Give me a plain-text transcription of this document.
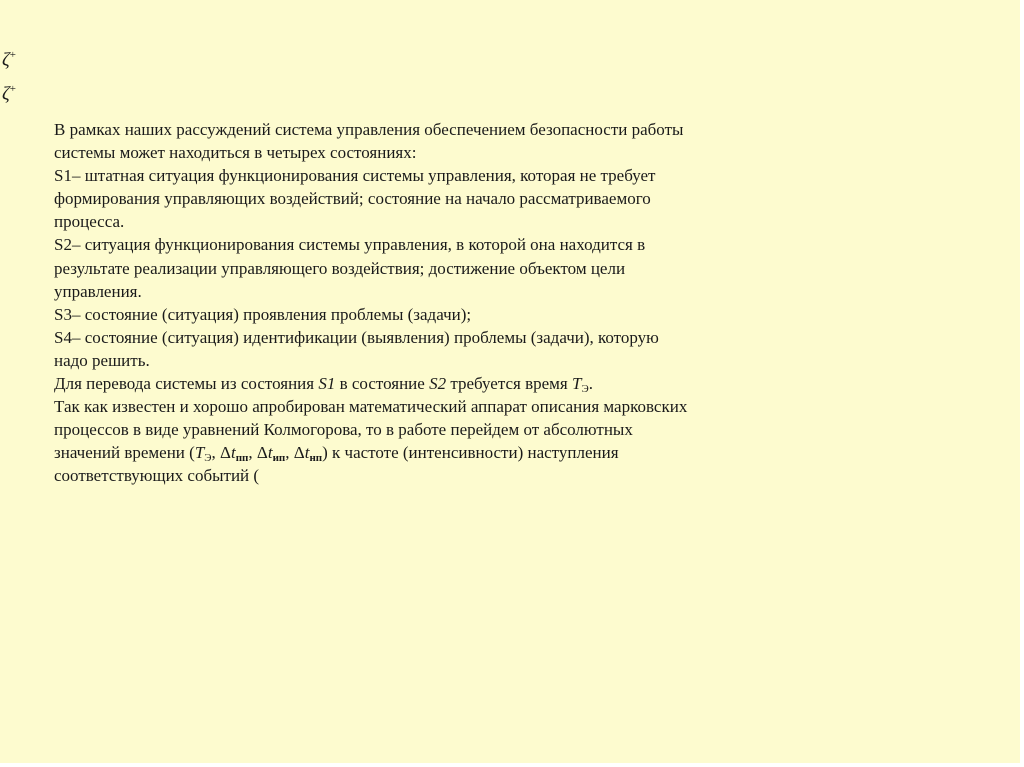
ζ+
ζ+
В рамках наших рассуждений система управления обеспечением безопасности работы
системы может находиться в четырех состояниях:
S1– штатная ситуация функционирования системы управления, которая не требует
формирования управляющих воздействий; состояние на начало рассматриваемого
процесса.
S2– ситуация функционирования системы управления, в которой она находится в
результате реализации управляющего воздействия; достижение объектом цели
управления.
S3– состояние (ситуация) проявления проблемы (задачи);
S4– состояние (ситуация) идентификации (выявления) проблемы (задачи), которую
надо решить.
Для перевода системы из состояния S1 в состояние S2 требуется время $T_Э$.
Так как известен и хорошо апробирован математический аппарат описания марковских
процессов в виде уравнений Колмогорова, то в работе перейдем от абсолютных
значений времени ($T_Э$, $\Delta t_{пп}$, $\Delta t_{ип}$, $\Delta t_{нп}$) к частоте (интенсивности) наступления
соответствующих событий (
